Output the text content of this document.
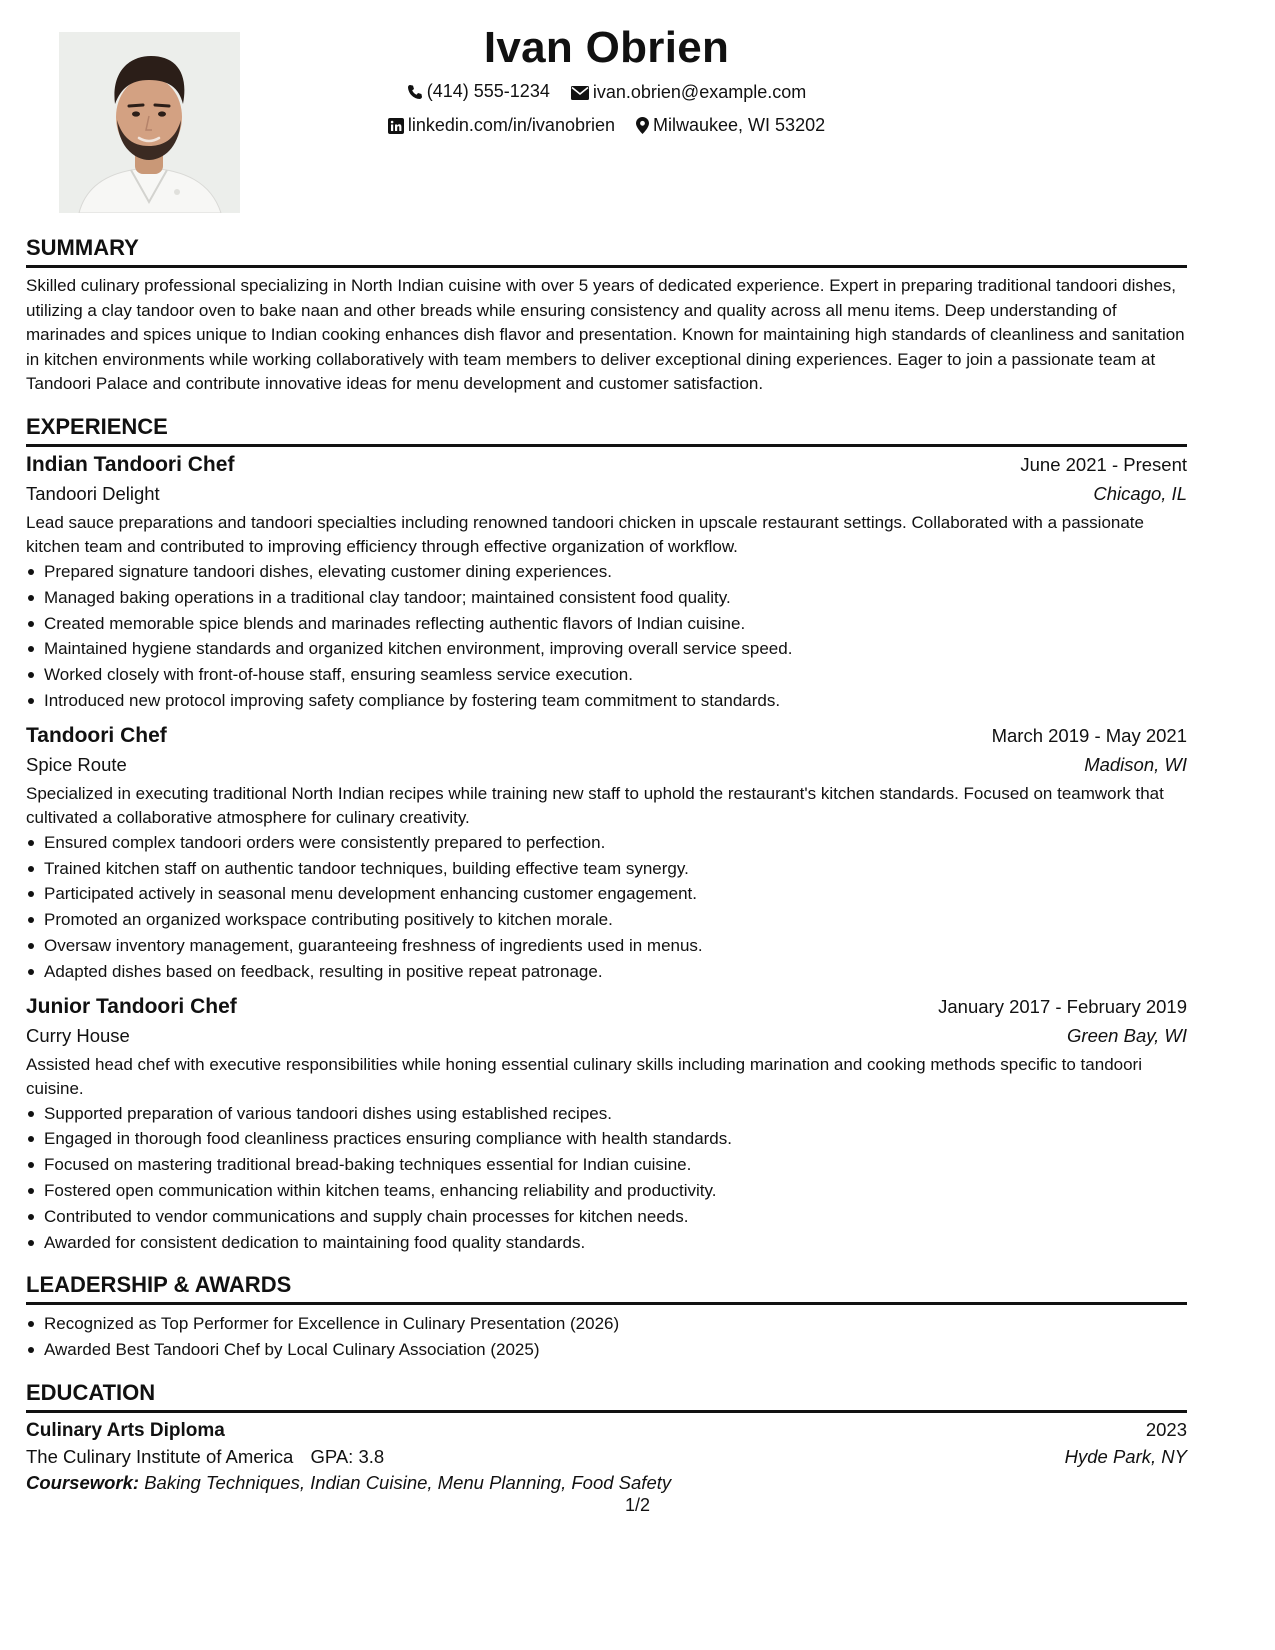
Ivan Obrien
(414) 555-1234
ivan.obrien@example.com
linkedin.com/in/ivanobrien
Milwaukee, WI 53202
SUMMARY

Skilled culinary professional specializing in North Indian cuisine with over 5 years of dedicated experience. Expert in preparing traditional tandoori dishes, utilizing a clay tandoor oven to bake naan and other breads while ensuring consistency and quality across all menu items. Deep understanding of marinades and spices unique to Indian cooking enhances dish flavor and presentation. Known for maintaining high standards of cleanliness and sanitation in kitchen environments while working collaboratively with team members to deliver exceptional dining experiences. Eager to join a passionate team at Tandoori Palace and contribute innovative ideas for menu development and customer satisfaction.

EXPERIENCE
Indian Tandoori Chef	June 2021 - Present
Tandoori Delight	Chicago, IL

Lead sauce preparations and tandoori specialties including renowned tandoori chicken in upscale restaurant settings. Collaborated with a passionate kitchen team and contributed to improving efficiency through effective organization of workflow.

Prepared signature tandoori dishes, elevating customer dining experiences.
Managed baking operations in a traditional clay tandoor; maintained consistent food quality.
Created memorable spice blends and marinades reflecting authentic flavors of Indian cuisine.
Maintained hygiene standards and organized kitchen environment, improving overall service speed.
Worked closely with front-of-house staff, ensuring seamless service execution.
Introduced new protocol improving safety compliance by fostering team commitment to standards.
Tandoori Chef	March 2019 - May 2021
Spice Route	Madison, WI

Specialized in executing traditional North Indian recipes while training new staff to uphold the restaurant's kitchen standards. Focused on teamwork that cultivated a collaborative atmosphere for culinary creativity.

Ensured complex tandoori orders were consistently prepared to perfection.
Trained kitchen staff on authentic tandoor techniques, building effective team synergy.
Participated actively in seasonal menu development enhancing customer engagement.
Promoted an organized workspace contributing positively to kitchen morale.
Oversaw inventory management, guaranteeing freshness of ingredients used in menus.
Adapted dishes based on feedback, resulting in positive repeat patronage.
Junior Tandoori Chef	January 2017 - February 2019
Curry House	Green Bay, WI

Assisted head chef with executive responsibilities while honing essential culinary skills including marination and cooking methods specific to tandoori cuisine.

Supported preparation of various tandoori dishes using established recipes.
Engaged in thorough food cleanliness practices ensuring compliance with health standards.
Focused on mastering traditional bread-baking techniques essential for Indian cuisine.
Fostered open communication within kitchen teams, enhancing reliability and productivity.
Contributed to vendor communications and supply chain processes for kitchen needs.
Awarded for consistent dedication to maintaining food quality standards.
LEADERSHIP & AWARDS
Recognized as Top Performer for Excellence in Culinary Presentation (2026)
Awarded Best Tandoori Chef by Local Culinary Association (2025)
EDUCATION
Culinary Arts Diploma	2023
The Culinary Institute of America GPA: 3.8	Hyde Park, NY
Coursework: Baking Techniques, Indian Cuisine, Menu Planning, Food Safety
1/2
